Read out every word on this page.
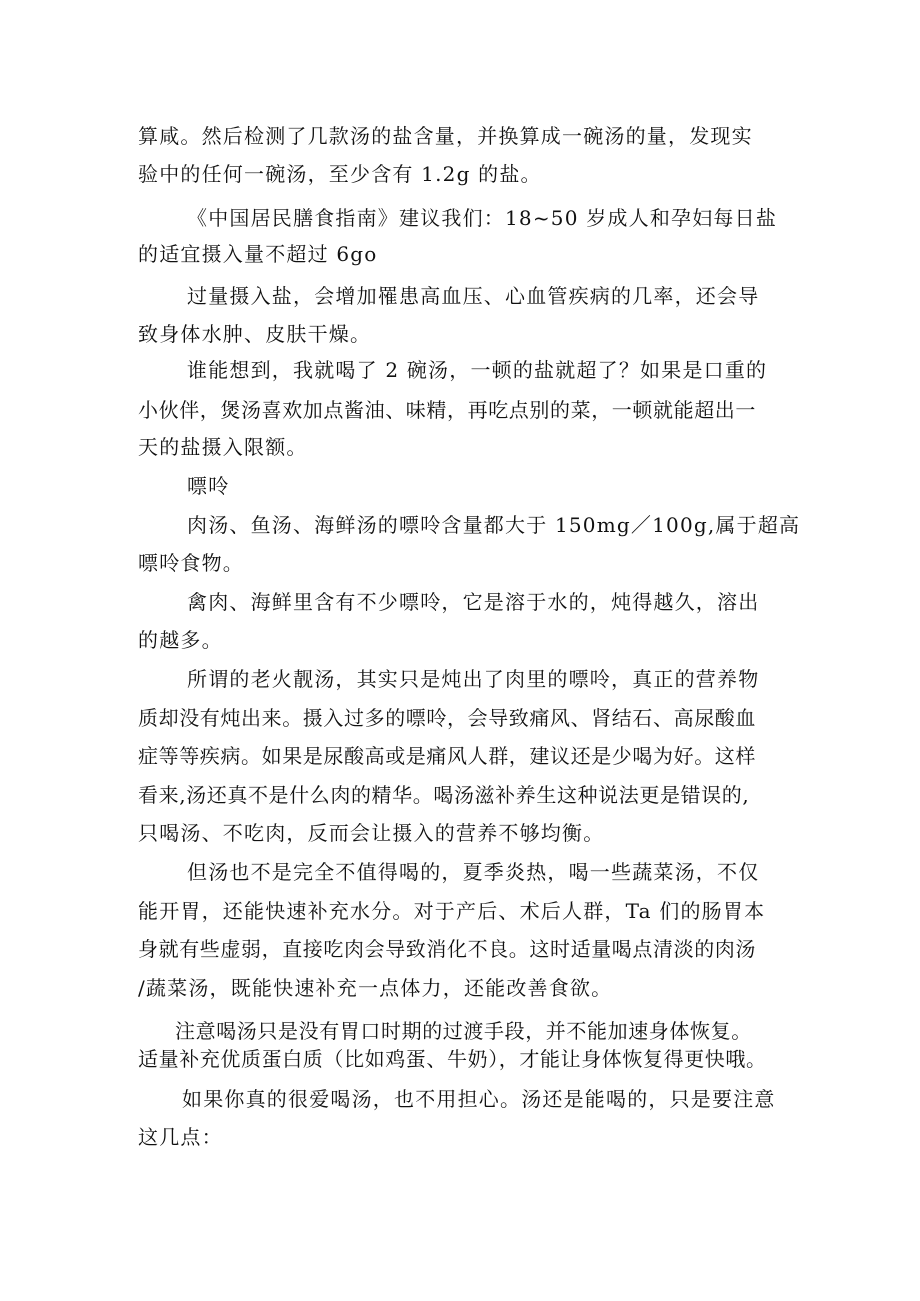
算咸。然后检测了几款汤的盐含量，并换算成一碗汤的量，发现实

验中的任何一碗汤，至少含有 1.2g 的盐。

《中国居民膳食指南》建议我们：18~50 岁成人和孕妇每日盐

的适宜摄入量不超过 6go

过量摄入盐，会增加罹患高血压、心血管疾病的几率，还会导

致身体水肿、皮肤干燥。

谁能想到，我就喝了 2 碗汤，一顿的盐就超了？如果是口重的

小伙伴，煲汤喜欢加点酱油、味精，再吃点别的菜，一顿就能超出一

天的盐摄入限额。

嘌呤

肉汤、鱼汤、海鲜汤的嘌呤含量都大于 150mg／100g,属于超高

嘌呤食物。

禽肉、海鲜里含有不少嘌呤，它是溶于水的，炖得越久，溶出

的越多。

所谓的老火靓汤，其实只是炖出了肉里的嘌呤，真正的营养物

质却没有炖出来。摄入过多的嘌呤，会导致痛风、肾结石、高尿酸血

症等等疾病。如果是尿酸高或是痛风人群，建议还是少喝为好。这样

看来,汤还真不是什么肉的精华。喝汤滋补养生这种说法更是错误的,

只喝汤、不吃肉，反而会让摄入的营养不够均衡。

但汤也不是完全不值得喝的，夏季炎热，喝一些蔬菜汤，不仅

能开胃，还能快速补充水分。对于产后、术后人群，Ta 们的肠胃本

身就有些虚弱，直接吃肉会导致消化不良。这时适量喝点清淡的肉汤

/蔬菜汤，既能快速补充一点体力，还能改善食欲。

注意喝汤只是没有胃口时期的过渡手段，并不能加速身体恢复。

适量补充优质蛋白质（比如鸡蛋、牛奶），才能让身体恢复得更快哦。

如果你真的很爱喝汤，也不用担心。汤还是能喝的，只是要注意

这几点：
